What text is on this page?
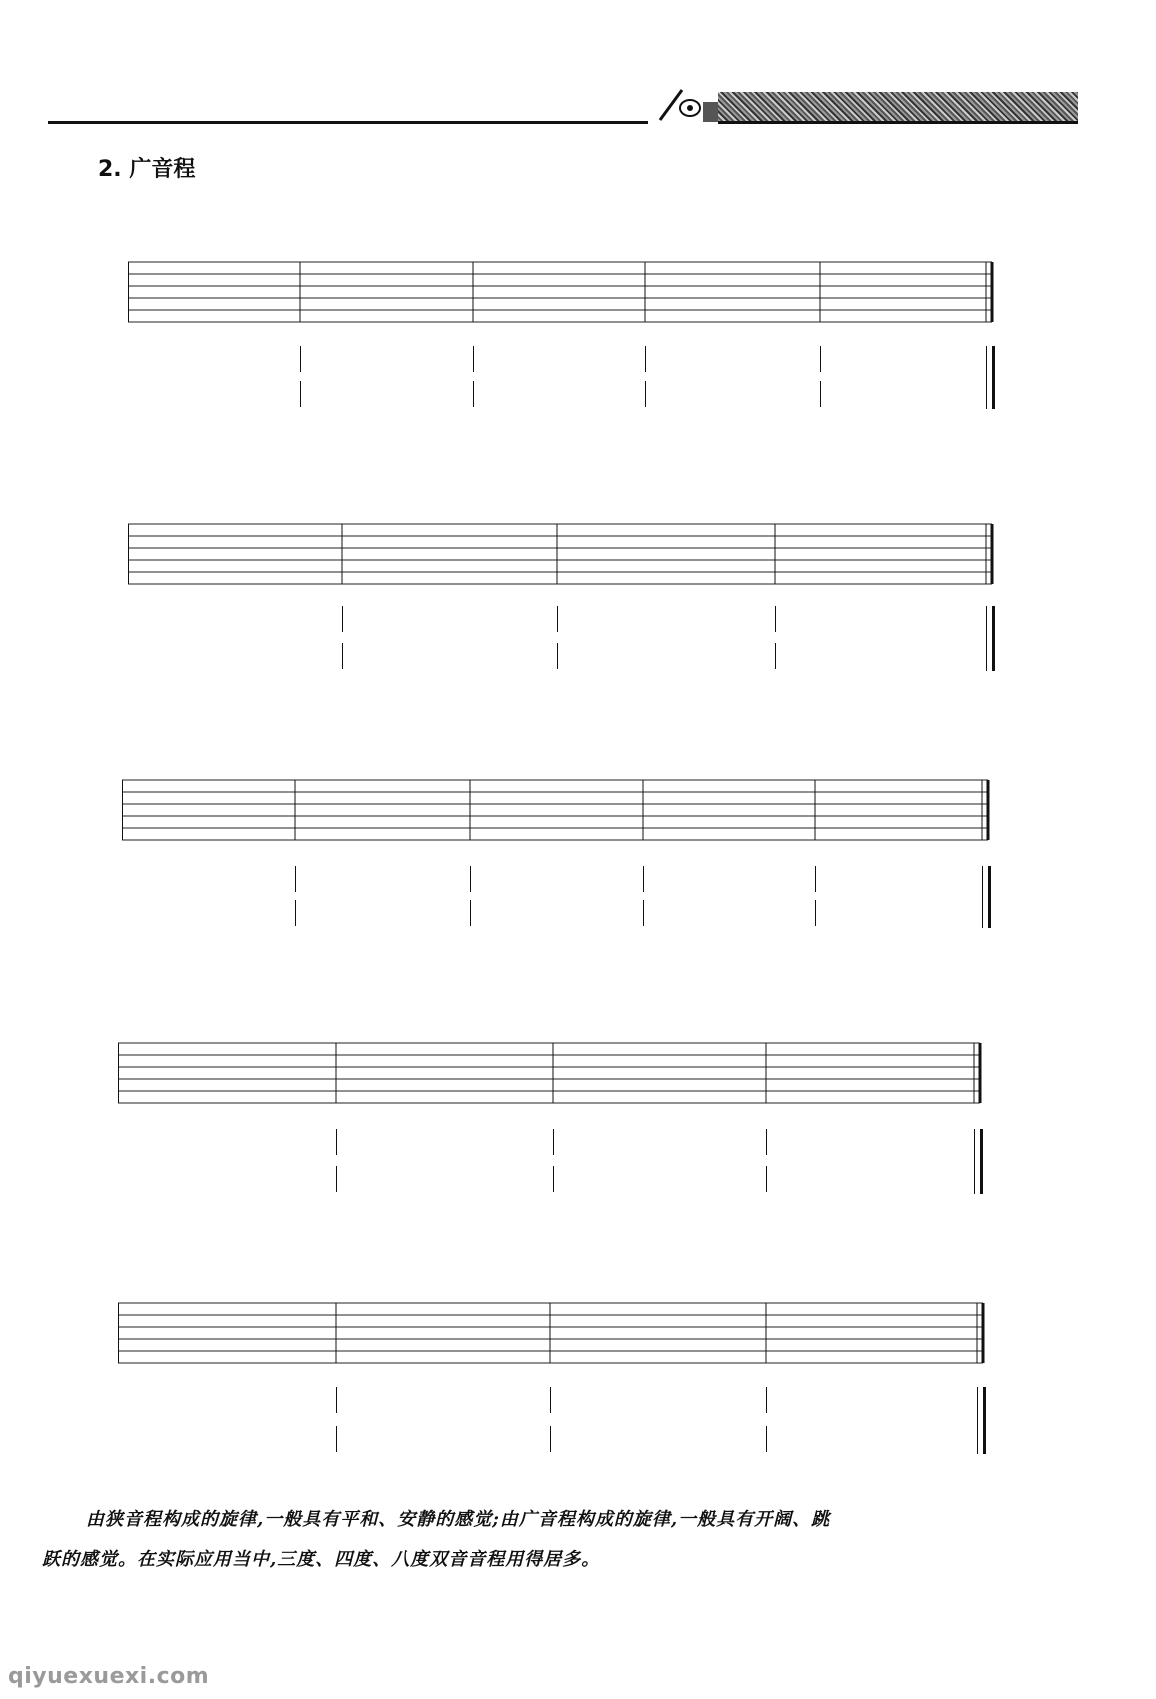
2. 广音程
由狭音程构成的旋律,一般具有平和、安静的感觉;由广音程构成的旋律,一般具有开阔、跳
跃的感觉。在实际应用当中,三度、四度、八度双音音程用得居多。
qiyuexuexi.com
